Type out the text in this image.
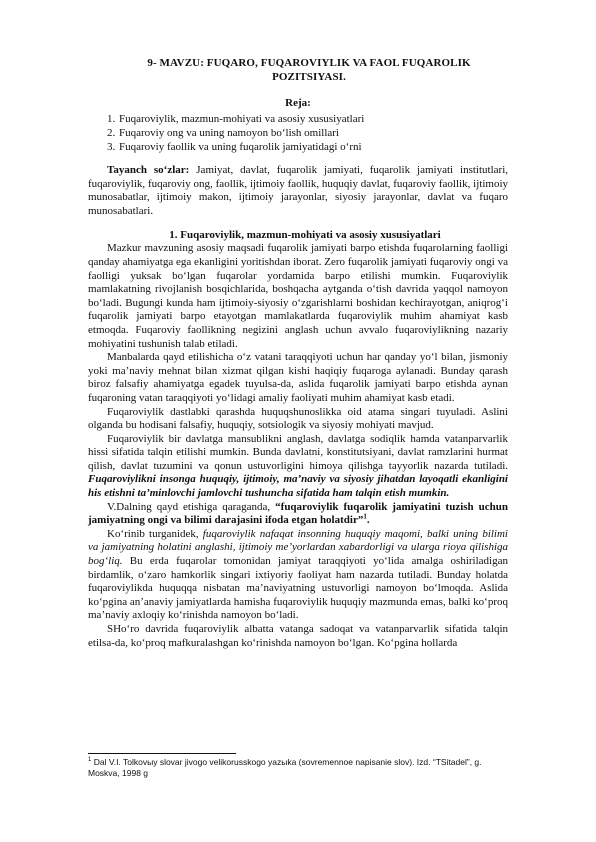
9- MAVZU: FUQARO, FUQAROVIYLIK VA FAOL FUQAROLIK
POZITSIYASI.
Reja:
1. Fuqaroviylik, mazmun-mohiyati va asosiy xususiyatlari
2. Fuqaroviy ong va uning namoyon bo‘lish omillari
3. Fuqaroviy faollik va uning fuqarolik jamiyatidagi o‘rni

Tayanch so‘zlar: Jamiyat, davlat, fuqarolik jamiyati, fuqarolik jamiyati institutlari, fuqaroviylik, fuqaroviy ong, faollik, ijtimoiy faollik, huquqiy davlat, fuqaroviy faollik, ijtimoiy munosabatlar, ijtimoiy makon, ijtimoiy jarayonlar, siyosiy jarayonlar, davlat va fuqaro munosabatlari.

1. Fuqaroviylik, mazmun-mohiyati va asosiy xususiyatlari

Mazkur mavzuning asosiy maqsadi fuqarolik jamiyati barpo etishda fuqarolarning faolligi qanday ahamiyatga ega ekanligini yoritishdan iborat. Zero fuqarolik jamiyati fuqaroviy ongi va faolligi yuksak bo‘lgan fuqarolar yordamida barpo etilishi mumkin. Fuqaroviylik mamlakatning rivojlanish bosqichlarida, boshqacha aytganda o‘tish davrida yaqqol namoyon bo‘ladi. Bugungi kunda ham ijtimoiy-siyosiy o‘zgarishlarni boshidan kechirayotgan, aniqrog‘i fuqarolik jamiyati barpo etayotgan mamlakatlarda fuqaroviylik muhim ahamiyat kasb etmoqda. Fuqaroviy faollikning negizini anglash uchun avvalo fuqaroviylikning nazariy mohiyatini tushunish talab etiladi.

Manbalarda qayd etilishicha o‘z vatani taraqqiyoti uchun har qanday yo‘l bilan, jismoniy yoki ma’naviy mehnat bilan xizmat qilgan kishi haqiqiy fuqaroga aylanadi. Bunday qarash biroz falsafiy ahamiyatga egadek tuyulsa-da, aslida fuqarolik jamiyati barpo etishda aynan fuqaroning vatan taraqqiyoti yo‘lidagi amaliy faoliyati muhim ahamiyat kasb etadi.

Fuqaroviylik dastlabki qarashda huquqshunoslikka oid atama singari tuyuladi. Aslini olganda bu hodisani falsafiy, huquqiy, sotsiologik va siyosiy mohiyati mavjud.

Fuqaroviylik bir davlatga mansublikni anglash, davlatga sodiqlik hamda vatanparvarlik hissi sifatida talqin etilishi mumkin. Bunda davlatni, konstitutsiyani, davlat ramzlarini hurmat qilish, davlat tuzumini va qonun ustuvorligini himoya qilishga tayyorlik nazarda tutiladi. Fuqaroviylikni insonga huquqiy, ijtimoiy, ma’naviy va siyosiy jihatdan layoqatli ekanligini his etishni ta’minlovchi jamlovchi tushuncha sifatida ham talqin etish mumkin.

V.Dalning qayd etishiga qaraganda, “fuqaroviylik fuqarolik jamiyatini tuzish uchun jamiyatning ongi va bilimi darajasini ifoda etgan holatdir”$^1$.

Ko‘rinib turganidek, fuqaroviylik nafaqat insonning huquqiy maqomi, balki uning bilimi va jamiyatning holatini anglashi, ijtimoiy me’yorlardan xabardorligi va ularga rioya qilishiga bog‘liq. Bu erda fuqarolar tomonidan jamiyat taraqqiyoti yo‘lida amalga oshiriladigan birdamlik, o‘zaro hamkorlik singari ixtiyoriy faoliyat ham nazarda tutiladi. Bunday holatda fuqaroviylikda huquqqa nisbatan ma’naviyatning ustuvorligi namoyon bo‘lmoqda. Aslida ko‘pgina an’anaviy jamiyatlarda hamisha fuqaroviylik huquqiy mazmunda emas, balki ko‘proq ma’naviy axloqiy ko‘rinishda namoyon bo‘ladi.

SHo‘ro davrida fuqaroviylik albatta vatanga sadoqat va vatanparvarlik sifatida talqin etilsa-da, ko‘proq mafkuralashgan ko‘rinishda namoyon bo‘lgan. Ko‘pgina hollarda

$^1$ Dal V.I. Tolkovыy slovar jivogo velikorusskogo yazыka (sovremennoe napisanie slov). Izd. “TSitadel”, g. Moskva, 1998 g
